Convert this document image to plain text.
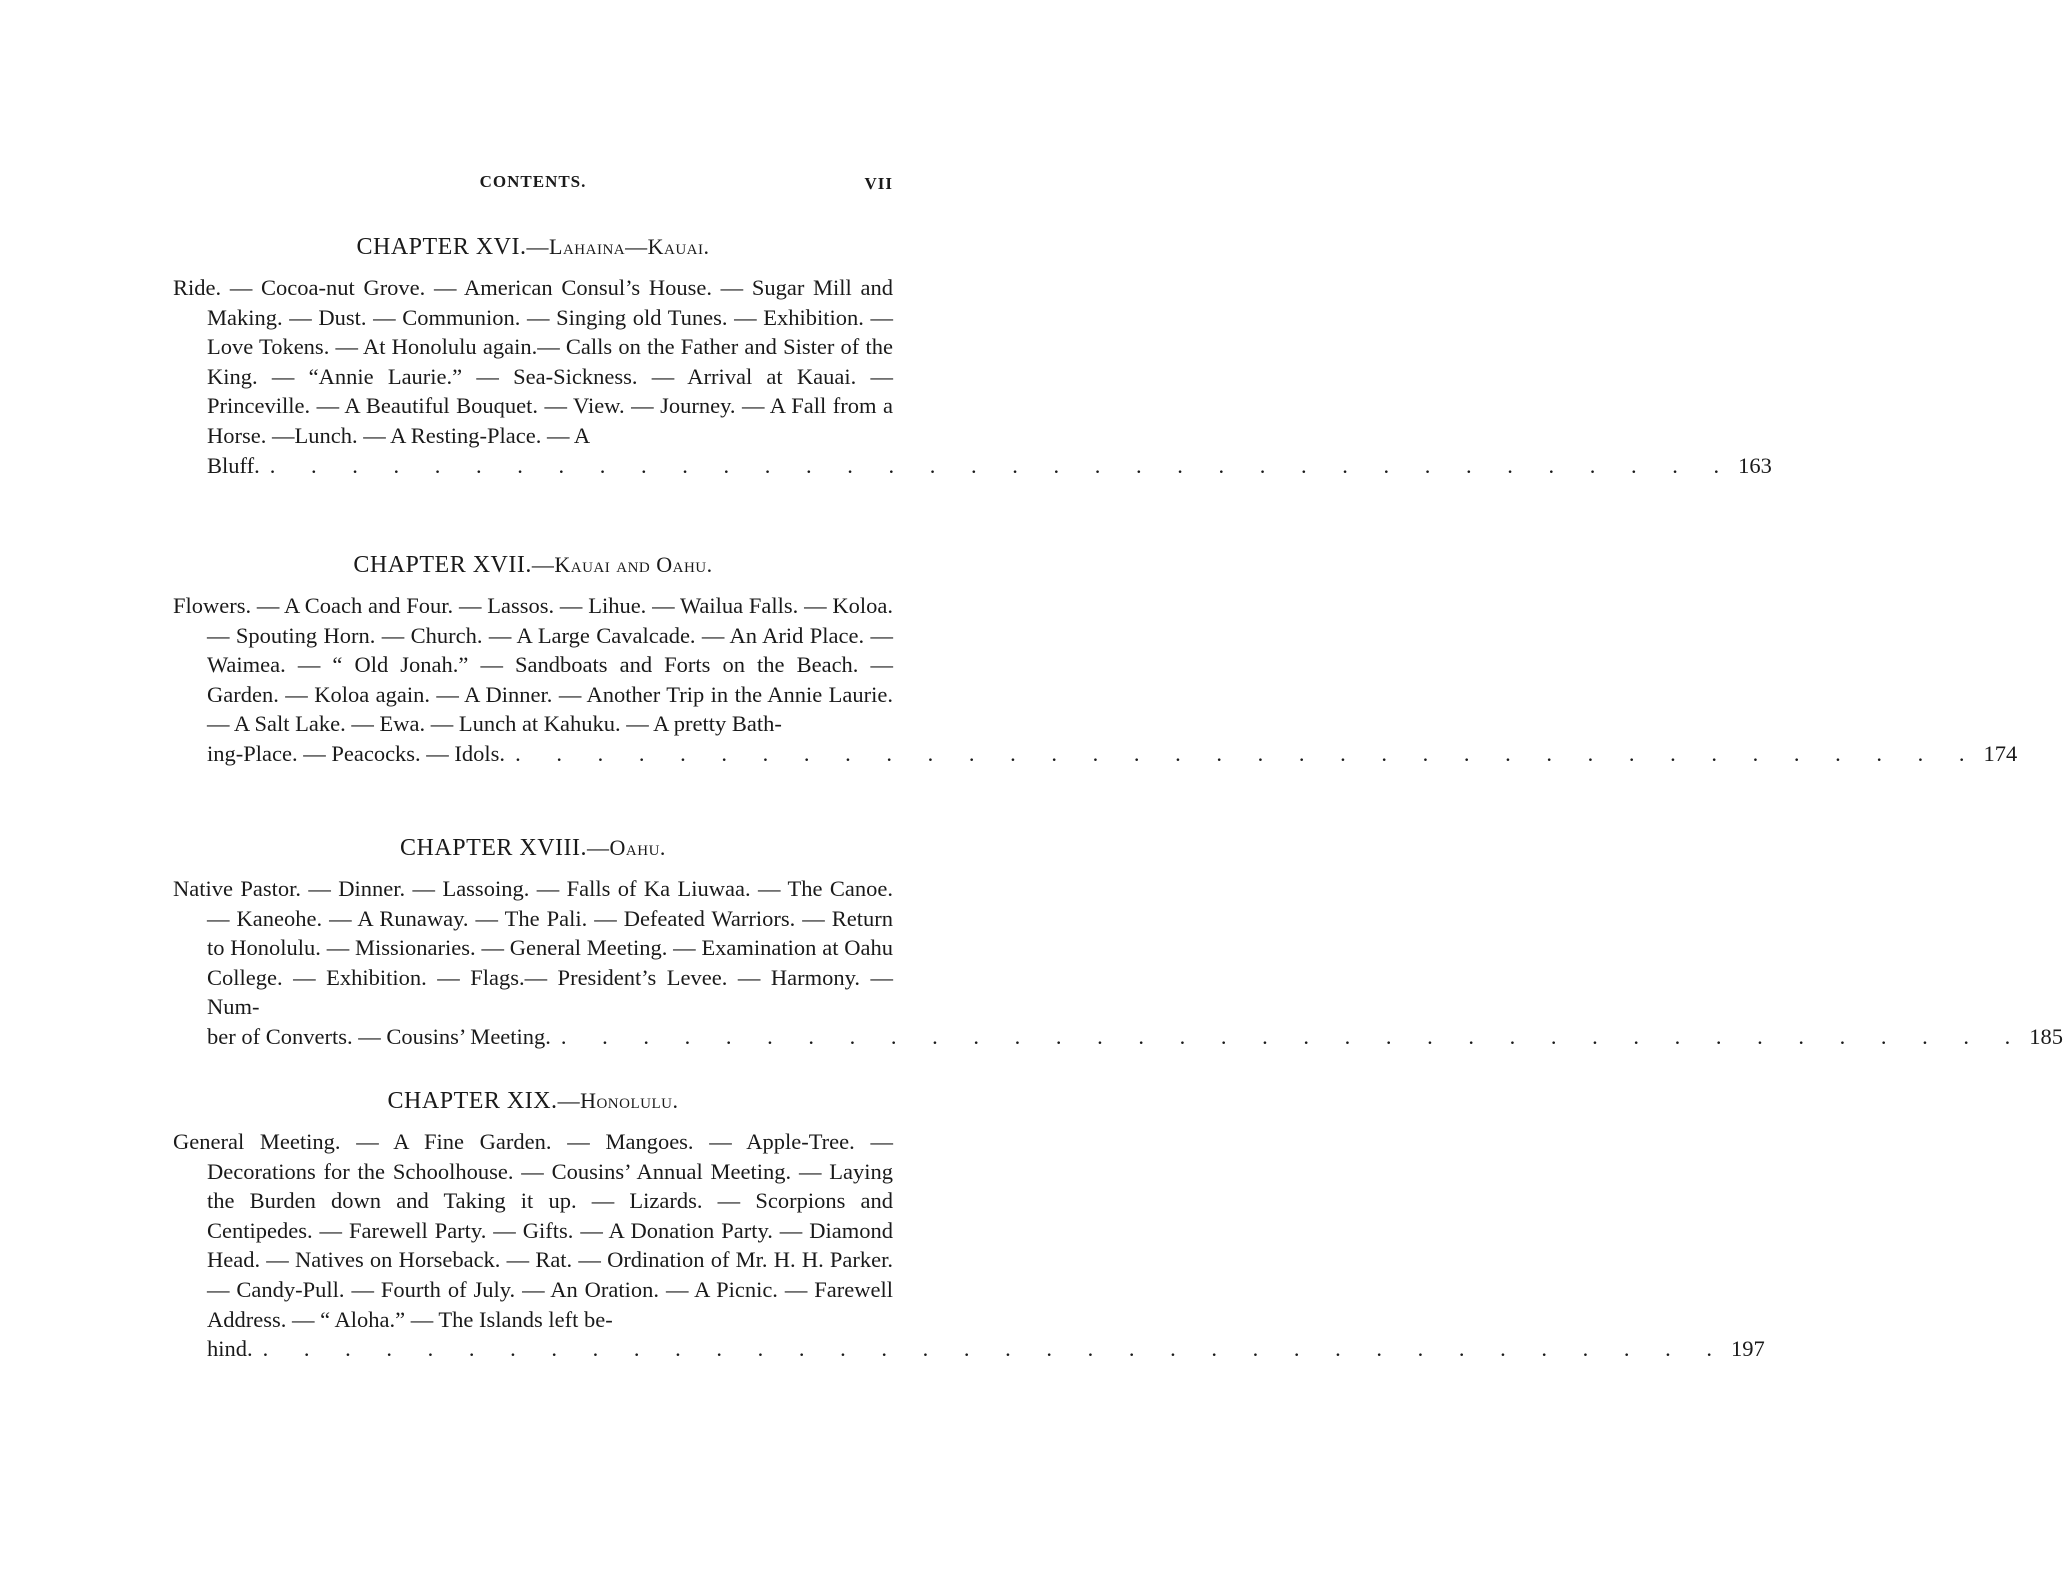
CONTENTS.	VII
CHAPTER XVI.—Lahaina—Kauai.

Ride. — Cocoa-nut Grove. — American Consul’s House. — Sugar Mill and Making. — Dust. — Communion. — Singing old Tunes. — Exhibition. — Love Tokens. — At Honolulu again.— Calls on the Father and Sister of the King. — “Annie Laurie.” — Sea-Sickness. — Arrival at Kauai. — Princeville. — A Beautiful Bouquet. — View. — Journey. — A Fall from a Horse. —Lunch. — A Resting-Place. — A

Bluff. . . . . . . . . . . . . . . . . . . . . . . . . . . . . . . . . . . . . 163
CHAPTER XVII.—Kauai and Oahu.

Flowers. — A Coach and Four. — Lassos. — Lihue. — Wailua Falls. — Koloa. — Spouting Horn. — Church. — A Large Cavalcade. — An Arid Place. — Waimea. — “ Old Jonah.” — Sandboats and Forts on the Beach. — Garden. — Koloa again. — A Dinner. — Another Trip in the Annie Laurie. — A Salt Lake. — Ewa. — Lunch at Kahuku. — A pretty Bath-

ing-Place. — Peacocks. — Idols. . . . . . . . . . . . . . . . . . . . . . . . . . . . . . . . . . . . . 174
CHAPTER XVIII.—Oahu.

Native Pastor. — Dinner. — Lassoing. — Falls of Ka Liuwaa. — The Canoe. — Kaneohe. — A Runaway. — The Pali. — Defeated Warriors. — Return to Honolulu. — Missionaries. — General Meeting. — Examination at Oahu College. — Exhibition. — Flags.— President’s Levee. — Harmony. — Num-

ber of Converts. — Cousins’ Meeting. . . . . . . . . . . . . . . . . . . . . . . . . . . . . . . . . . . . . 185
CHAPTER XIX.—Honolulu.

General Meeting. — A Fine Garden. — Mangoes. — Apple-Tree. — Decorations for the Schoolhouse. — Cousins’ Annual Meeting. — Laying the Burden down and Taking it up. — Lizards. — Scorpions and Centipedes. — Farewell Party. — Gifts. — A Donation Party. — Diamond Head. — Natives on Horseback. — Rat. — Ordination of Mr. H. H. Parker. — Candy-Pull. — Fourth of July. — An Oration. — A Picnic. — Farewell Address. — “ Aloha.” — The Islands left be-

hind. . . . . . . . . . . . . . . . . . . . . . . . . . . . . . . . . . . . . 197
